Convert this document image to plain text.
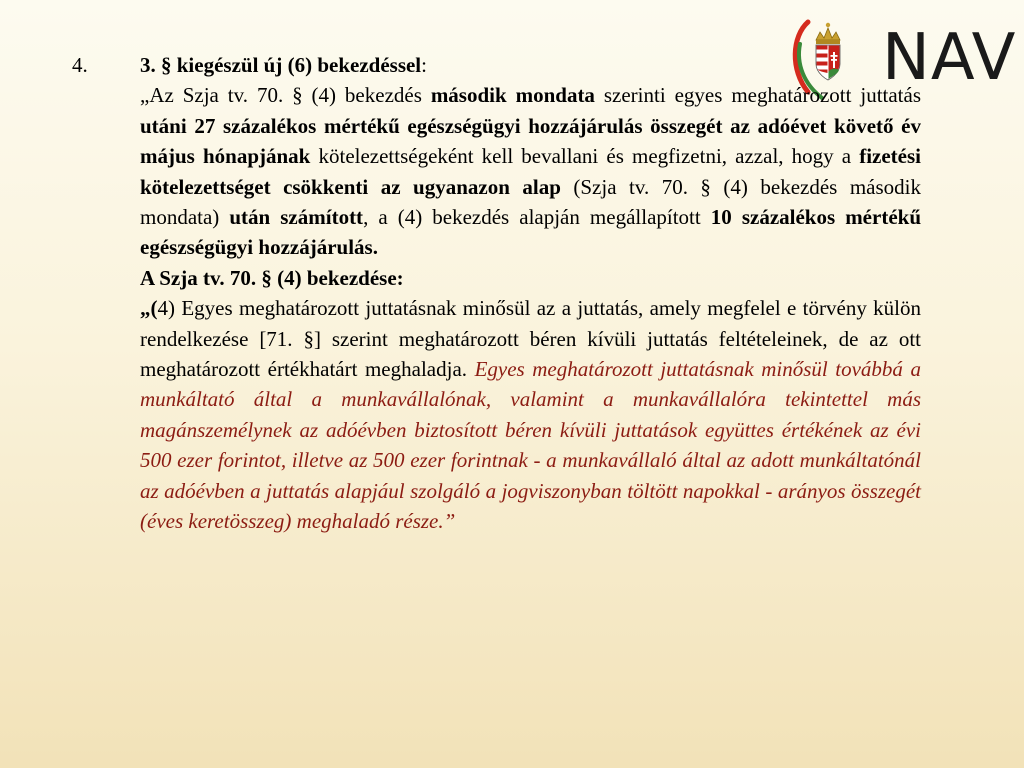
NAV
4. 3. § kiegészül új (6) bekezdéssel:

„Az Szja tv. 70. § (4) bekezdés második mondata szerinti egyes meghatározott juttatás utáni 27 százalékos mértékű egészségügyi hozzájárulás összegét az adóévet követő év május hónapjának kötelezettségeként kell bevallani és megfizetni, azzal, hogy a fizetési kötelezettséget csökkenti az ugyanazon alap (Szja tv. 70. § (4) bekezdés második mondata) után számított, a (4) bekezdés alapján megállapított 10 százalékos mértékű egészségügyi hozzájárulás.

A Szja tv. 70. § (4) bekezdése:

„(4) Egyes meghatározott juttatásnak minősül az a juttatás, amely megfelel e törvény külön rendelkezése [71. §] szerint meghatározott béren kívüli juttatás feltételeinek, de az ott meghatározott értékhatárt meghaladja. Egyes meghatározott juttatásnak minősül továbbá a munkáltató által a munkavállalónak, valamint a munkavállalóra tekintettel más magánszemélynek az adóévben biztosított béren kívüli juttatások együttes értékének az évi 500 ezer forintot, illetve az 500 ezer forintnak - a munkavállaló által az adott munkáltatónál az adóévben a juttatás alapjául szolgáló a jogviszonyban töltött napokkal - arányos összegét (éves keretösszeg) meghaladó része.”
